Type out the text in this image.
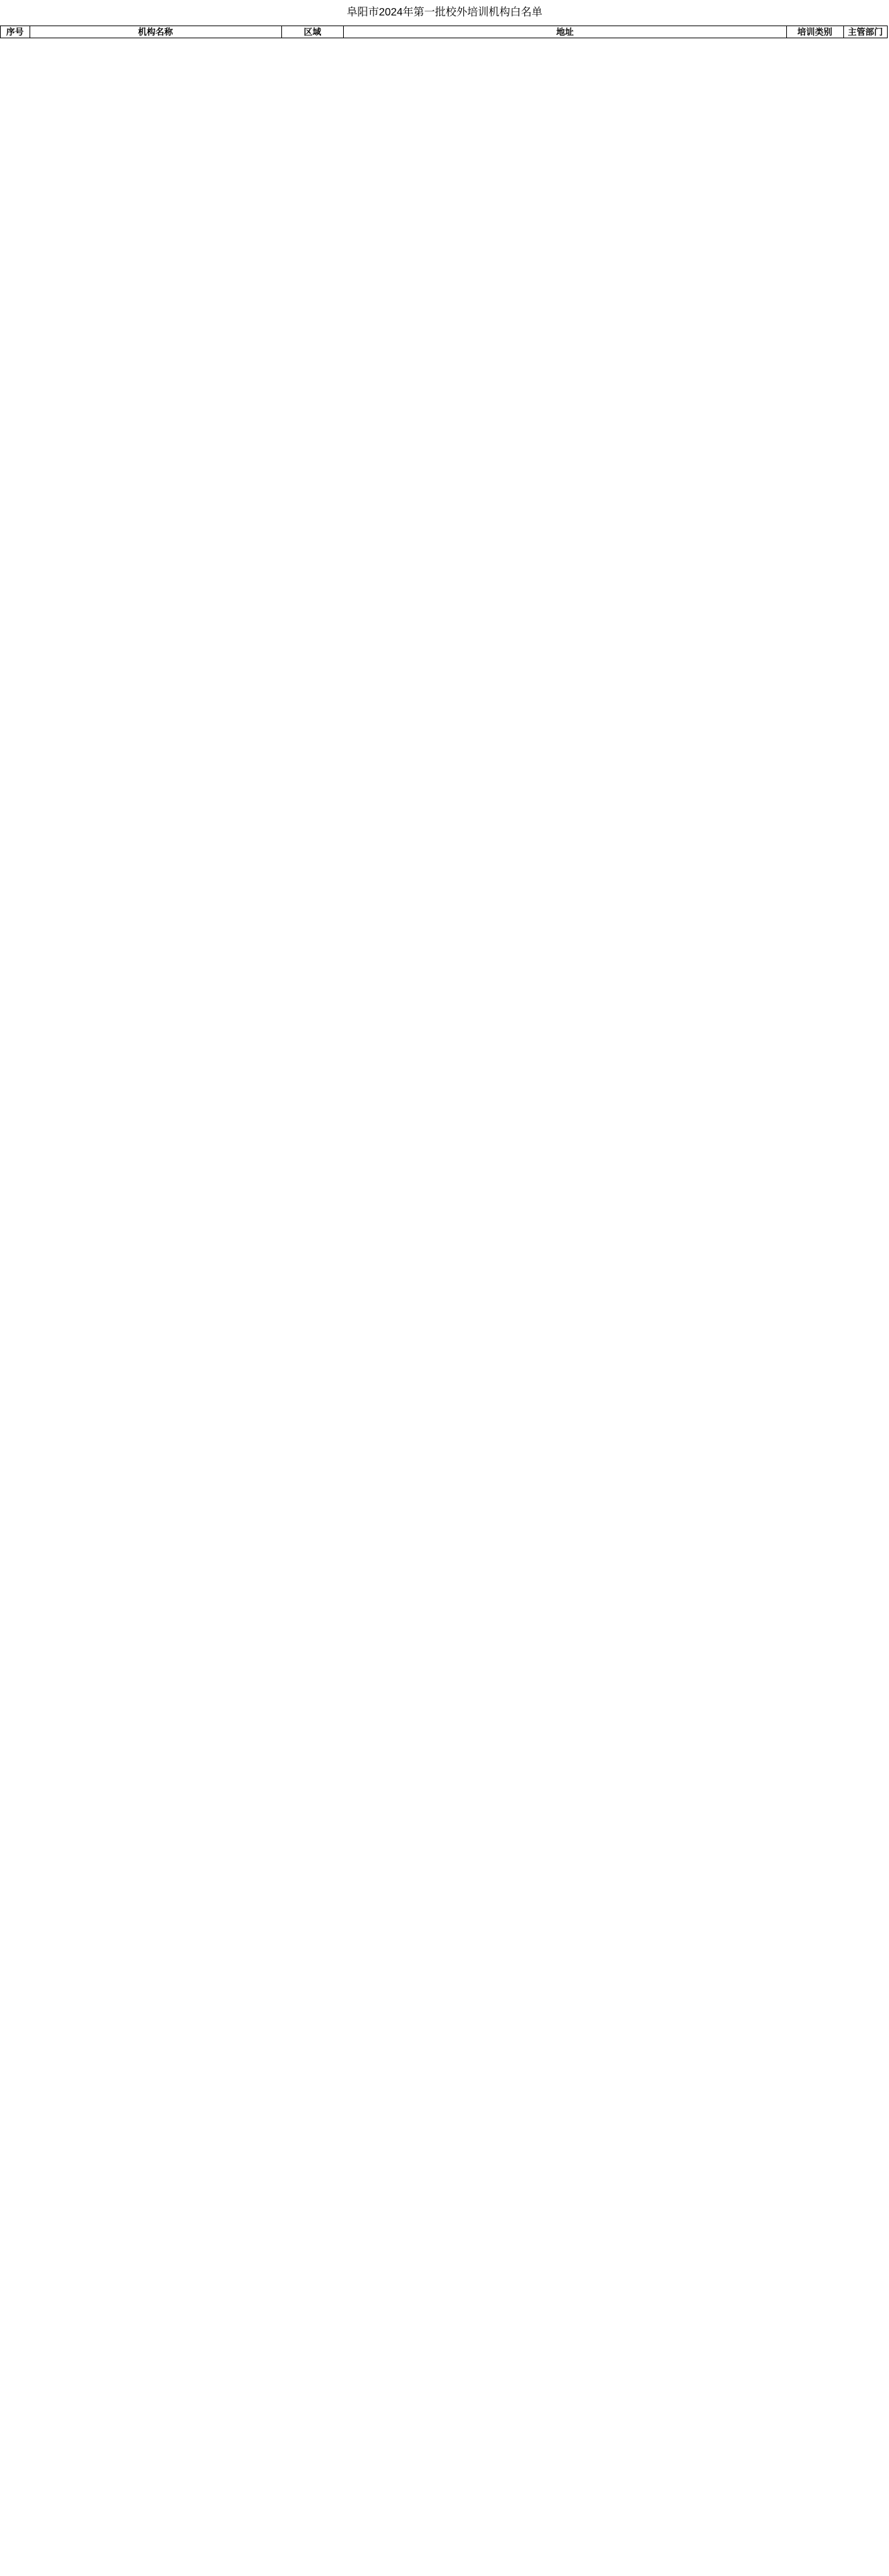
阜阳市2024年第一批校外培训机构白名单
序号	机构名称	区域	地址	培训类别	主管部门
